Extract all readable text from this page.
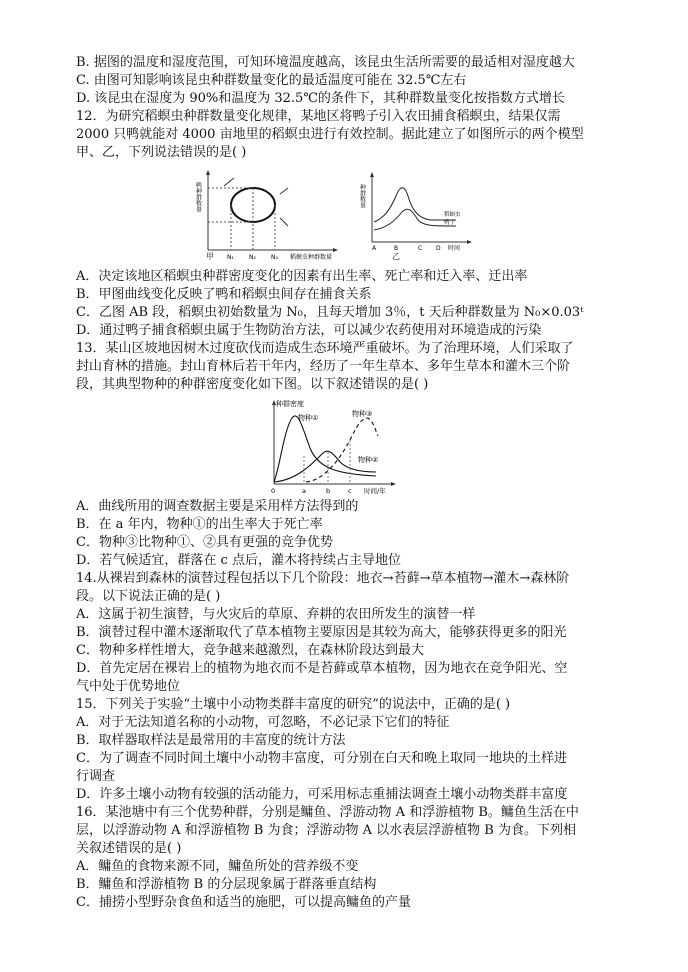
B. 据图的温度和湿度范围，可知环境温度越高，该昆虫生活所需要的最适相对湿度越大
C. 由图可知影响该昆虫种群数量变化的最适温度可能在 32.5℃左右
D. 该昆虫在湿度为 90%和温度为 32.5℃的条件下，其种群数量变化按指数方式增长
12．为研究稻螟虫种群数量变化规律，某地区将鸭子引入农田捕食稻螟虫，结果仅需
2000 只鸭就能对 4000 亩地里的稻螟虫进行有效控制。据此建立了如图所示的两个模型
甲、乙，下列说法错误的是( )
A．决定该地区稻螟虫种群密度变化的因素有出生率、死亡率和迁入率、迁出率
B．甲图曲线变化反映了鸭和稻螟虫间存在捕食关系
C．乙图 AB 段，稻螟虫初始数量为 N₀，且每天增加 3％，t 天后种群数量为 N₀×0.03ᵗ
D．通过鸭子捕食稻螟虫属于生物防治方法，可以减少农药使用对环境造成的污染
13．某山区坡地因树木过度砍伐而造成生态环境严重破坏。为了治理环境，人们采取了
封山育林的措施。封山育林后若干年内，经历了一年生草本、多年生草本和灌木三个阶
段，其典型物种的种群密度变化如下图。以下叙述错误的是( )
A．曲线所用的调查数据主要是采用样方法得到的
B．在 a 年内，物种①的出生率大于死亡率
C．物种③比物种①、②具有更强的竞争优势
D．若气候适宜，群落在 c 点后，灌木将持续占主导地位
14.从裸岩到森林的演替过程包括以下几个阶段：地衣→苔藓→草本植物→灌木→森林阶
段。以下说法正确的是( )
A．这属于初生演替，与火灾后的草原、弃耕的农田所发生的演替一样
B．演替过程中灌木逐渐取代了草本植物主要原因是其较为高大，能够获得更多的阳光
C．物种多样性增大，竞争越来越激烈，在森林阶段达到最大
D．首先定居在裸岩上的植物为地衣而不是苔藓或草本植物，因为地衣在竞争阳光、空
气中处于优势地位
15．下列关于实验“土壤中小动物类群丰富度的研究”的说法中，正确的是( )
A．对于无法知道名称的小动物，可忽略，不必记录下它们的特征
B．取样器取样法是最常用的丰富度的统计方法
C．为了调查不同时间土壤中小动物丰富度，可分别在白天和晚上取同一地块的土样进
行调查
D．许多土壤小动物有较强的活动能力，可采用标志重捕法调查土壤小动物类群丰富度
16．某池塘中有三个优势种群，分别是鳙鱼、浮游动物 A 和浮游植物 B。鳙鱼生活在中
层，以浮游动物 A 和浮游植物 B 为食；浮游动物 A 以水表层浮游植物 B 为食。下列相
关叙述错误的是( )
A．鳙鱼的食物来源不同，鳙鱼所处的营养级不变
B．鳙鱼和浮游植物 B 的分层现象属于群落垂直结构
C．捕捞小型野杂食鱼和适当的施肥，可以提高鳙鱼的产量
鸭种群数量
N₁	N₂	N₃ 稻螟虫种群数量
甲
种群数量
稻螟虫
鸭子
A	B	C D 时间
乙
种群密度
物种①	物种③
物种②
0	a	b	c 时间/年
